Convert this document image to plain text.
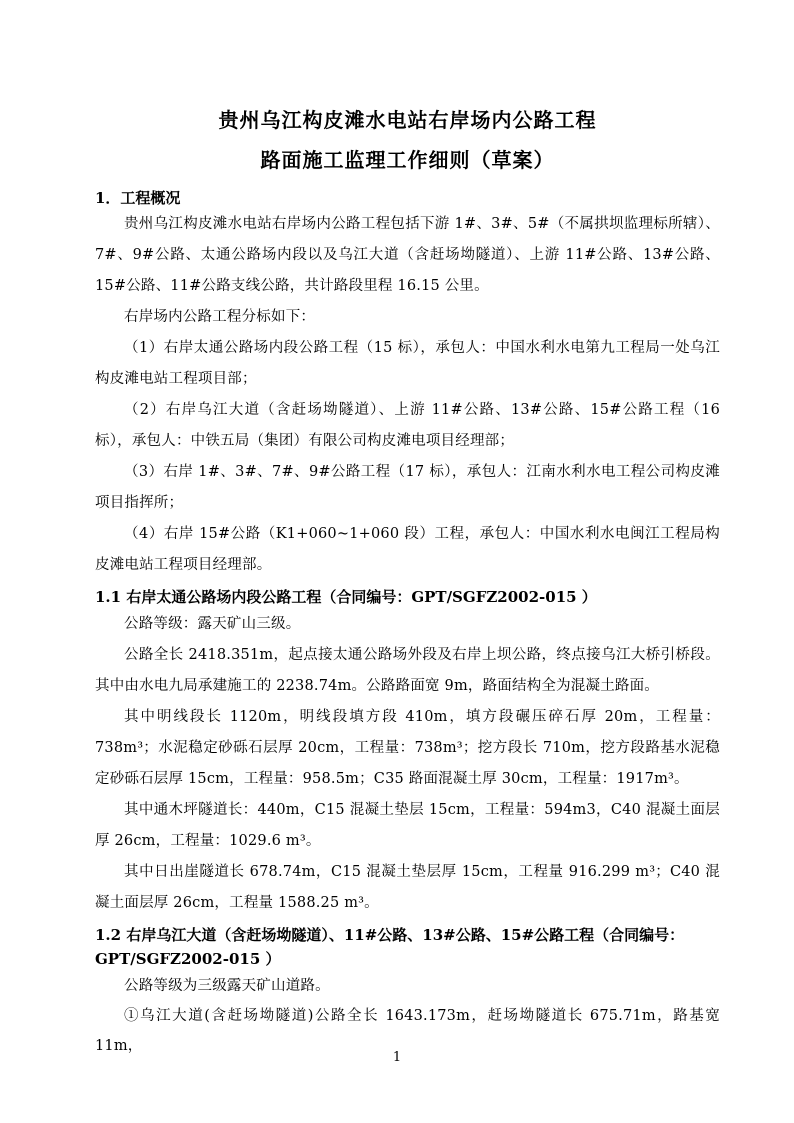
贵州乌江构皮滩水电站右岸场内公路工程
路面施工监理工作细则（草案）
1．工程概况

贵州乌江构皮滩水电站右岸场内公路工程包括下游 1#、3#、5#（不属拱坝监理标所辖）、7#、9#公路、太通公路场内段以及乌江大道（含赶场坳隧道）、上游 11#公路、13#公路、15#公路、11#公路支线公路，共计路段里程 16.15 公里。

右岸场内公路工程分标如下：

（1）右岸太通公路场内段公路工程（15 标），承包人：中国水利水电第九工程局一处乌江构皮滩电站工程项目部；

（2）右岸乌江大道（含赶场坳隧道）、上游 11#公路、13#公路、15#公路工程（16 标），承包人：中铁五局（集团）有限公司构皮滩电项目经理部；

（3）右岸 1#、3#、7#、9#公路工程（17 标），承包人：江南水利水电工程公司构皮滩项目指挥所；

（4）右岸 15#公路（K1+060~1+060 段）工程，承包人：中国水利水电闽江工程局构皮滩电站工程项目经理部。

1.1 右岸太通公路场内段公路工程（合同编号：GPT/SGFZ2002-015 ）

公路等级：露天矿山三级。

公路全长 2418.351m，起点接太通公路场外段及右岸上坝公路，终点接乌江大桥引桥段。其中由水电九局承建施工的 2238.74m。公路路面宽 9m，路面结构全为混凝土路面。

其中明线段长 1120m，明线段填方段 410m，填方段碾压碎石厚 20m，工程量：738m³；水泥稳定砂砾石层厚 20cm，工程量：738m³；挖方段长 710m，挖方段路基水泥稳定砂砾石层厚 15cm，工程量：958.5m；C35 路面混凝土厚 30cm，工程量：1917m³。

其中通木坪隧道长：440m，C15 混凝土垫层 15cm，工程量：594m3，C40 混凝土面层厚 26cm，工程量：1029.6 m³。

其中日出崖隧道长 678.74m，C15 混凝土垫层厚 15cm，工程量 916.299 m³；C40 混凝土面层厚 26cm，工程量 1588.25 m³。

1.2 右岸乌江大道（含赶场坳隧道）、11#公路、13#公路、15#公路工程（合同编号：GPT/SGFZ2002-015 ）

公路等级为三级露天矿山道路。

①乌江大道(含赶场坳隧道)公路全长 1643.173m，赶场坳隧道长 675.71m，路基宽 11m，

1
